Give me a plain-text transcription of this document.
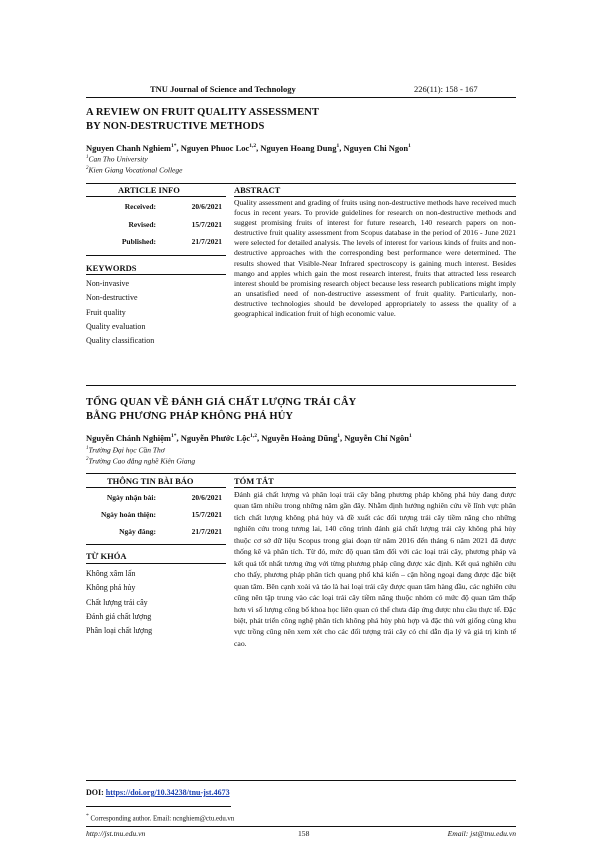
TNU Journal of Science and Technology	226(11): 158 - 167
A REVIEW ON FRUIT QUALITY ASSESSMENT
BY NON-DESTRUCTIVE METHODS
Nguyen Chanh Nghiem$^{1*}$, Nguyen Phuoc Loc$^{1,2}$, Nguyen Hoang Dung$^1$, Nguyen Chi Ngon$^1$
$^1$Can Tho University
$^2$Kien Giang Vocational College
ARTICLE INFO	ABSTRACT
Received:	20/6/2021
Revised:	15/7/2021
Published:	21/7/2021
KEYWORDS
Non-invasive
Non-destructive
Fruit quality
Quality evaluation
Quality classification
Quality assessment and grading of fruits using non-destructive methods have received much focus in recent years. To provide guidelines for research on non-destructive methods and suggest promising fruits of interest for future research, 140 research papers on non-destructive fruit quality assessment from Scopus database in the period of 2016 - June 2021 were selected for detailed analysis. The levels of interest for various kinds of fruits and non-destructive approaches with the corresponding best performance were determined. The results showed that Visible-Near Infrared spectroscopy is gaining much interest. Besides mango and apples which gain the most research interest, fruits that attracted less research interest should be promising research object because less research publications might imply an unsatisfied need of non-destructive assessment of fruit quality. Particularly, non-destructive technologies should be developed appropriately to assess the quality of a geographical indication fruit of high economic value.
TỔNG QUAN VỀ ĐÁNH GIÁ CHẤT LƯỢNG TRÁI CÂY
BẰNG PHƯƠNG PHÁP KHÔNG PHÁ HỦY
Nguyễn Chánh Nghiệm$^{1*}$, Nguyễn Phước Lộc$^{1,2}$, Nguyễn Hoàng Dũng$^1$, Nguyễn Chí Ngôn$^1$
$^1$Trường Đại học Cần Thơ
$^2$Trường Cao đẳng nghề Kiên Giang
THÔNG TIN BÀI BÁO	TÓM TẮT
Ngày nhận bài:	20/6/2021
Ngày hoàn thiện:	15/7/2021
Ngày đăng:	21/7/2021
TỪ KHÓA
Không xâm lấn
Không phá hủy
Chất lượng trái cây
Đánh giá chất lượng
Phân loại chất lượng
Đánh giá chất lượng và phân loại trái cây bằng phương pháp không phá hủy đang được quan tâm nhiều trong những năm gần đây. Nhằm định hướng nghiên cứu về lĩnh vực phân tích chất lượng không phá hủy và đề xuất các đối tượng trái cây tiềm năng cho những nghiên cứu trong tương lai, 140 công trình đánh giá chất lượng trái cây không phá hủy thuộc cơ sở dữ liệu Scopus trong giai đoạn từ năm 2016 đến tháng 6 năm 2021 đã được thống kê và phân tích. Từ đó, mức độ quan tâm đối với các loại trái cây, phương pháp và kết quả tốt nhất tương ứng với từng phương pháp cũng được xác định. Kết quả nghiên cứu cho thấy, phương pháp phân tích quang phổ khả kiến – cận hồng ngoại đang được đặc biệt quan tâm. Bên cạnh xoài và táo là hai loại trái cây được quan tâm hàng đầu, các nghiên cứu cũng nên tập trung vào các loại trái cây tiềm năng thuộc nhóm có mức độ quan tâm thấp hơn vì số lượng công bố khoa học liên quan có thể chưa đáp ứng được nhu cầu thực tế. Đặc biệt, phát triển công nghệ phân tích không phá hủy phù hợp và đặc thù với giống cùng khu vực trồng cũng nên xem xét cho các đối tượng trái cây có chỉ dẫn địa lý và giá trị kinh tế cao.
DOI: https://doi.org/10.34238/tnu-jst.4673
* Corresponding author. Email: ncnghiem@ctu.edu.vn
http://jst.tnu.edu.vn	158	Email: jst@tnu.edu.vn
